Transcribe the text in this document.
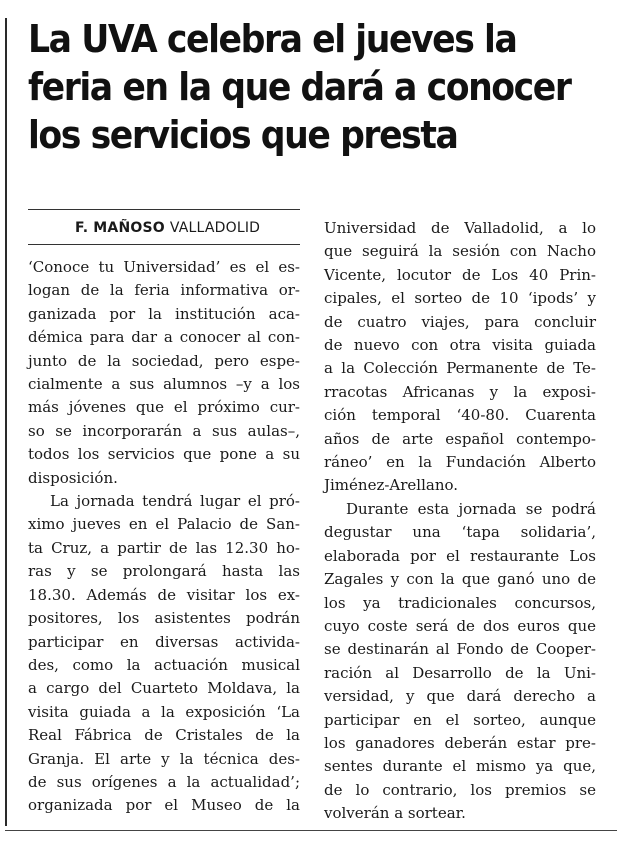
La UVA celebra el jueves la
feria en la que dará a conocer
los servicios que presta
F. MAÑOSO VALLADOLID

‘Conoce tu Universidad’ es el es-
logan de la feria informativa or-
ganizada por la institución aca-
démica para dar a conocer al con-
junto de la sociedad, pero espe-
cialmente a sus alumnos –y a los
más jóvenes que el próximo cur-
so se incorporarán a sus aulas–,
todos los servicios que pone a su
disposición.

La jornada tendrá lugar el pró-
ximo jueves en el Palacio de San-
ta Cruz, a partir de las 12.30 ho-
ras y se prolongará hasta las
18.30. Además de visitar los ex-
positores, los asistentes podrán
participar en diversas activida-
des, como la actuación musical
a cargo del Cuarteto Moldava, la
visita guiada a la exposición ‘La
Real Fábrica de Cristales de la
Granja. El arte y la técnica des-
de sus orígenes a la actualidad’;
organizada por el Museo de la

Universidad de Valladolid, a lo
que seguirá la sesión con Nacho
Vicente, locutor de Los 40 Prin-
cipales, el sorteo de 10 ‘ipods’ y
de cuatro viajes, para concluir
de nuevo con otra visita guiada
a la Colección Permanente de Te-
rracotas Africanas y la exposi-
ción temporal ‘40-80. Cuarenta
años de arte español contempo-
ráneo’ en la Fundación Alberto
Jiménez-Arellano.

Durante esta jornada se podrá
degustar una ‘tapa solidaria’,
elaborada por el restaurante Los
Zagales y con la que ganó uno de
los ya tradicionales concursos,
cuyo coste será de dos euros que
se destinarán al Fondo de Cooper-
ración al Desarrollo de la Uni-
versidad, y que dará derecho a
participar en el sorteo, aunque
los ganadores deberán estar pre-
sentes durante el mismo ya que,
de lo contrario, los premios se
volverán a sortear.
